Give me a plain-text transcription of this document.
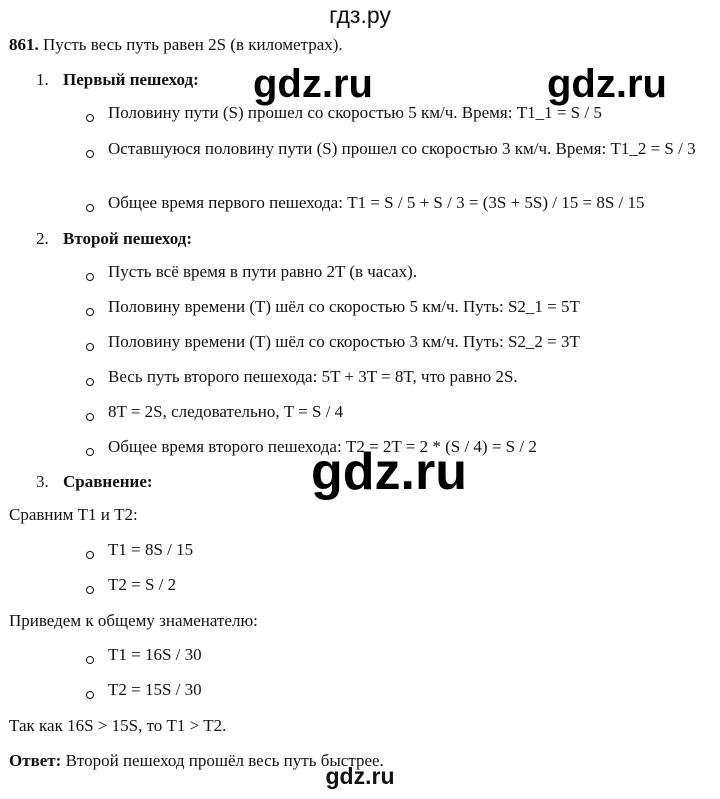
гдз.ру
861. Пусть весь путь равен 2S (в километрах).
1. Первый пешеход:
Половину пути (S) прошел со скоростью 5 км/ч. Время: T1_1 = S / 5
Оставшуюся половину пути (S) прошел со скоростью 3 км/ч. Время: T1_2 = S / 3
Общее время первого пешехода: T1 = S / 5 + S / 3 = (3S + 5S) / 15 = 8S / 15
2. Второй пешеход:
Пусть всё время в пути равно 2T (в часах).
Половину времени (T) шёл со скоростью 5 км/ч. Путь: S2_1 = 5T
Половину времени (T) шёл со скоростью 3 км/ч. Путь: S2_2 = 3T
Весь путь второго пешехода: 5T + 3T = 8T, что равно 2S.
8T = 2S, следовательно, T = S / 4
Общее время второго пешехода: T2 = 2T = 2 * (S / 4) = S / 2
3. Сравнение:
Сравним T1 и T2:
T1 = 8S / 15
T2 = S / 2
Приведем к общему знаменателю:
T1 = 16S / 30
T2 = 15S / 30
Так как 16S > 15S, то T1 > T2.
Ответ: Второй пешеход прошёл весь путь быстрее.
gdz.ru	gdz.ru
gdz.ru
gdz.ru
